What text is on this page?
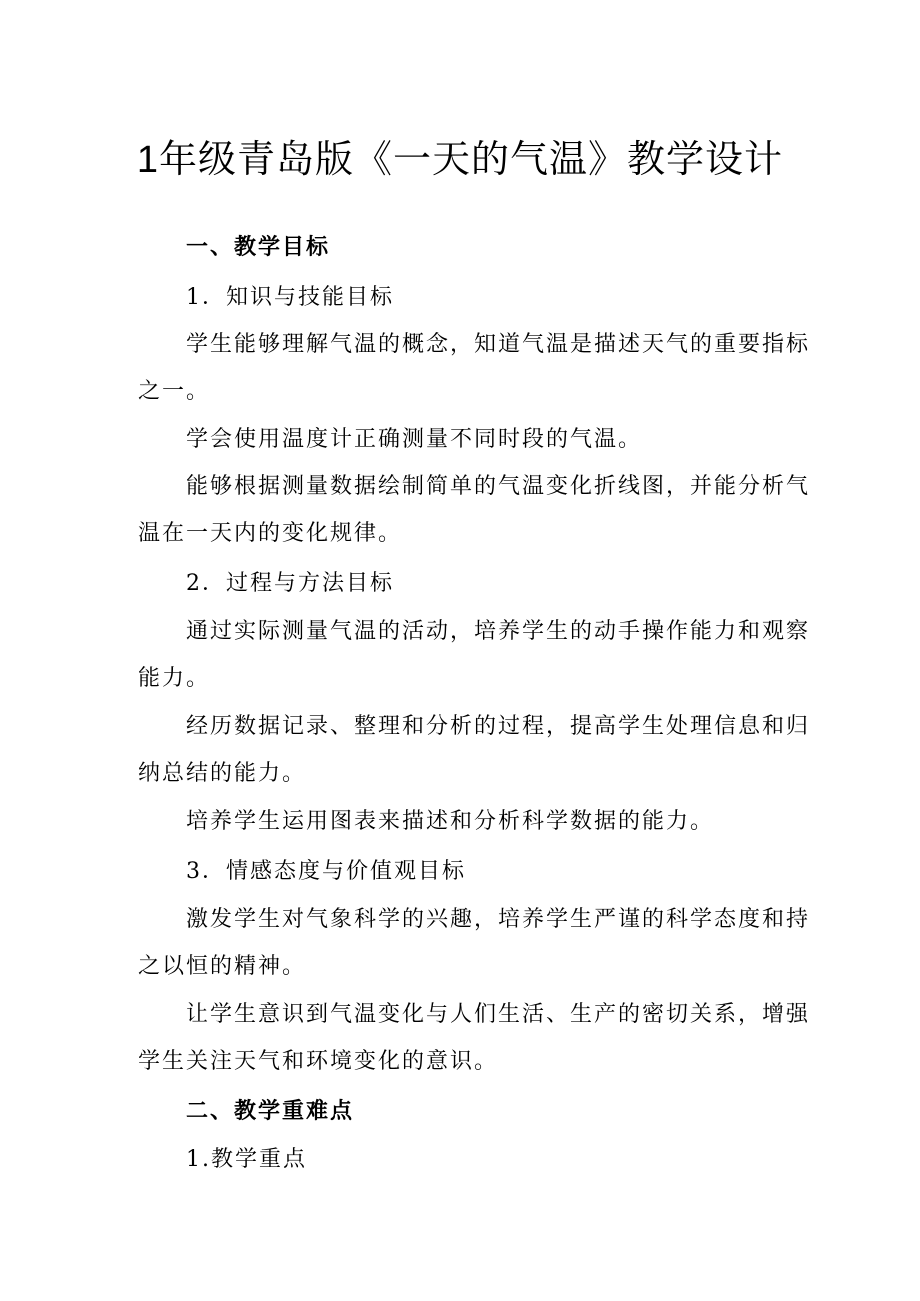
1年级青岛版《一天的气温》教学设计
一、教学目标
1．知识与技能目标
学生能够理解气温的概念，知道气温是描述天气的重要指标
之一。
学会使用温度计正确测量不同时段的气温。
能够根据测量数据绘制简单的气温变化折线图，并能分析气
温在一天内的变化规律。
2．过程与方法目标
通过实际测量气温的活动，培养学生的动手操作能力和观察
能力。
经历数据记录、整理和分析的过程，提高学生处理信息和归
纳总结的能力。
培养学生运用图表来描述和分析科学数据的能力。
3．情感态度与价值观目标
激发学生对气象科学的兴趣，培养学生严谨的科学态度和持
之以恒的精神。
让学生意识到气温变化与人们生活、生产的密切关系，增强
学生关注天气和环境变化的意识。
二、教学重难点
1.教学重点
